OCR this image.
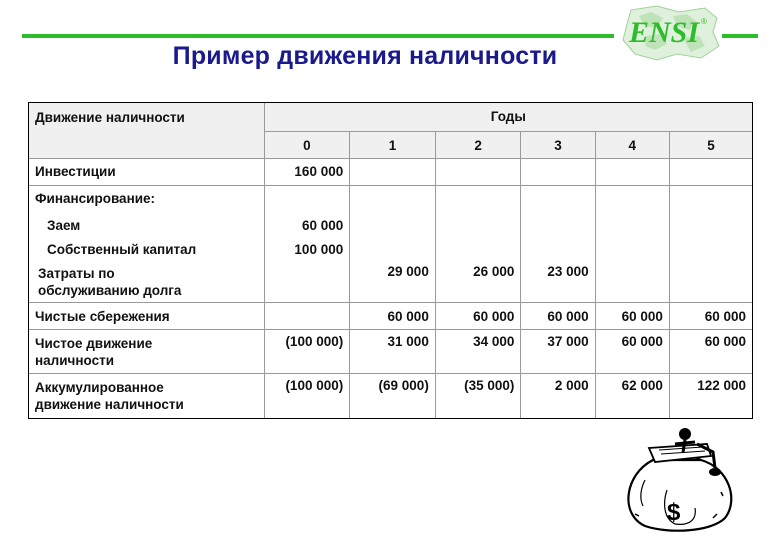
ENSI ®
Пример движения наличности
Движение наличности	Годы					
	0	1	2	3	4	5
Инвестиции	160 000					
Финансирование:						
Заем	60 000					
Собственный капитал	100 000					

Затраты по
обслуживанию долга		29 000	26 000	23 000		
Чистые сбережения		60 000	60 000	60 000	60 000	60 000

Чистое движение
наличности	(100 000)	31 000	34 000	37 000	60 000	60 000

Аккумулированное
движение наличности	(100 000)	(69 000)	(35 000)	2 000	62 000	122 000
$
